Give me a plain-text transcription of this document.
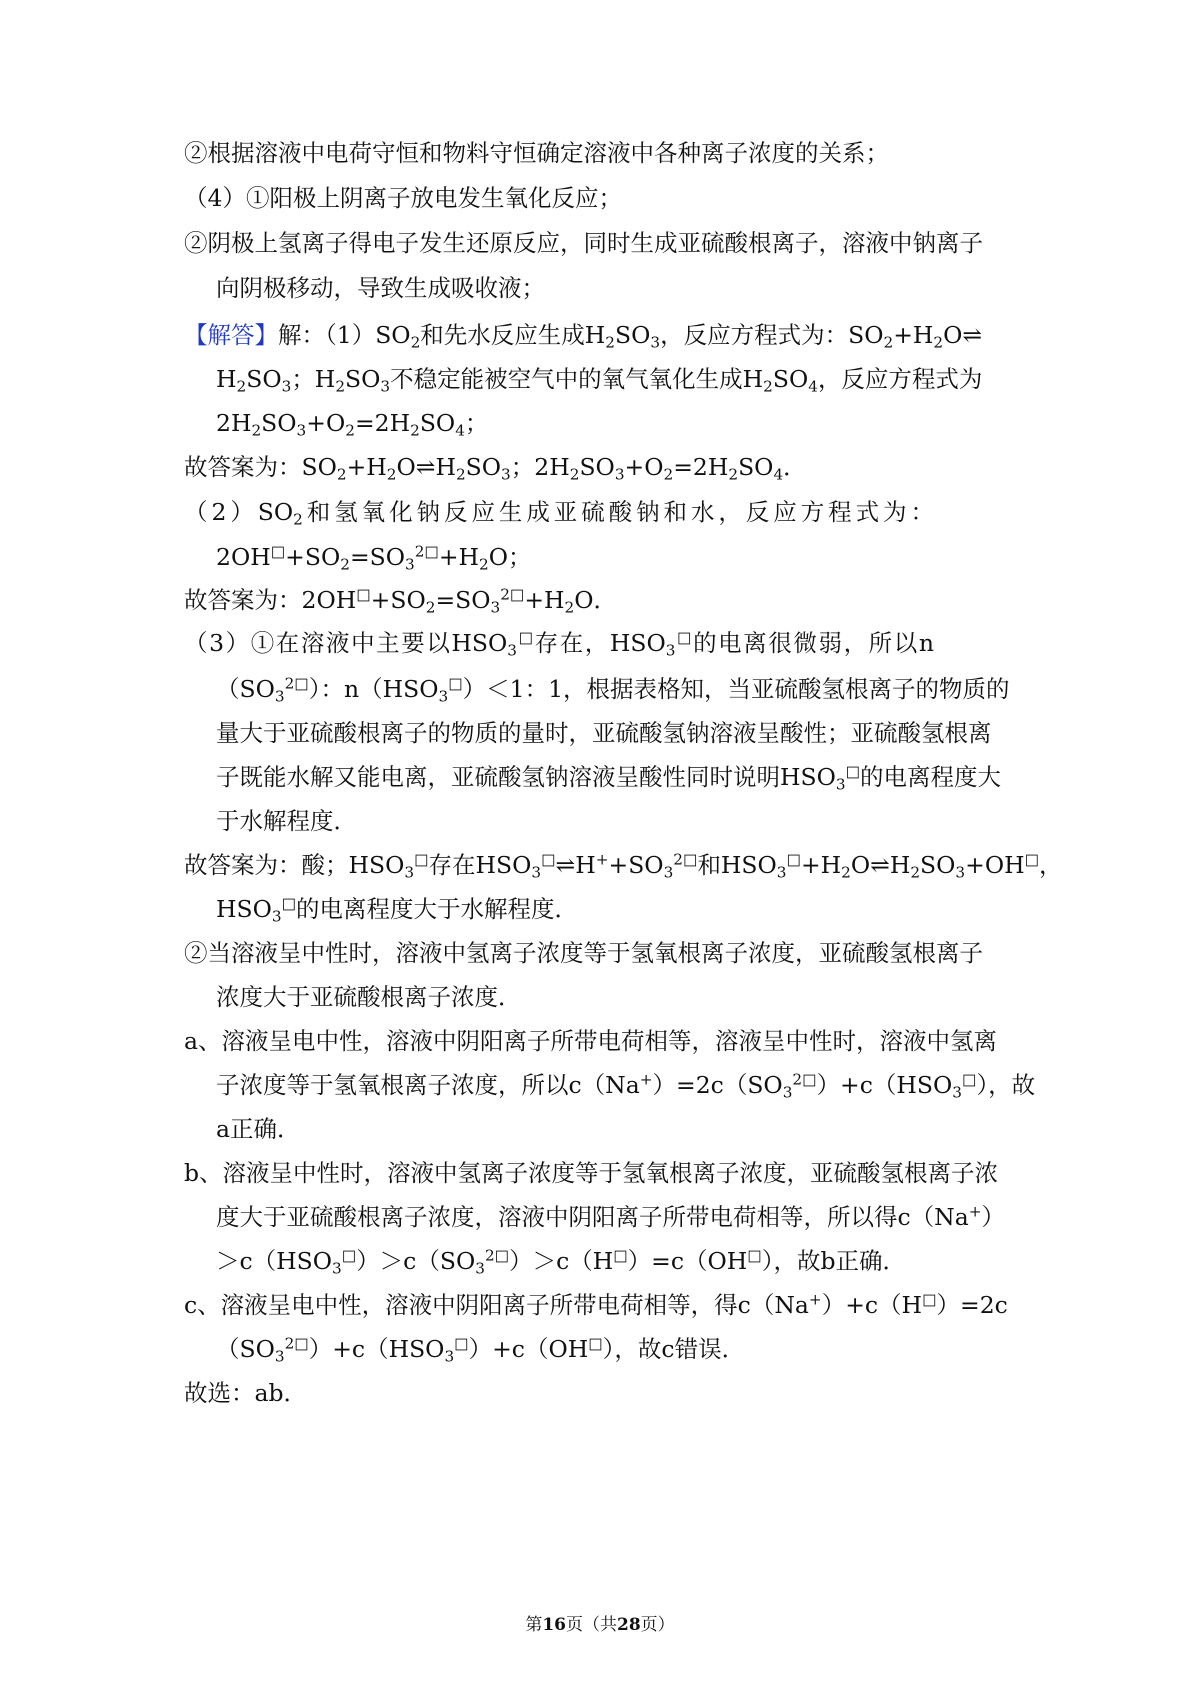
②根据溶液中电荷守恒和物料守恒确定溶液中各种离子浓度的关系；
（4）①阳极上阴离子放电发生氧化反应；
②阴极上氢离子得电子发生还原反应，同时生成亚硫酸根离子，溶液中钠离子
向阴极移动，导致生成吸收液；
【解答】解：$(1)SO_2$和先水反应生成$H_2SO_3$，反应方程式为：$SO_2+H_2O\rightleftharpoons$
$H_2SO_3$；$H_2SO_3$不稳定能被空气中的氧气氧化生成$H_2SO_4$，反应方程式为
$2H_2SO_3+O_2=2H_2SO_4$；
故答案为：$SO_2+H_2O\rightleftharpoons H_2SO_3$；$2H_2SO_3+O_2=2H_2SO_4$．
$(2)SO_2$和氢氧化钠反应生成亚硫酸钠和水，反应方程式为：
$2OH^□+SO_2=SO_3^{2□}+H_2O$；
故答案为：$2OH^□+SO_2=SO_3^{2□}+H_2O$．
（3）①在溶液中主要以$HSO_3^□$存在，$HSO_3^□$的电离很微弱，所以n
$(SO_3^{2□})$：$n(HSO_3^□)<1$：1，根据表格知，当亚硫酸氢根离子的物质的
量大于亚硫酸根离子的物质的量时，亚硫酸氢钠溶液呈酸性；亚硫酸氢根离
子既能水解又能电离，亚硫酸氢钠溶液呈酸性同时说明$HSO_3^□$的电离程度大
于水解程度．
故答案为：酸；$HSO_3^□$存在$HSO_3^□\rightleftharpoons H^++SO_3^{2□}$和$HSO_3^□+H_2O\rightleftharpoons H_2SO_3+OH^□$，
$HSO_3^□$的电离程度大于水解程度．
②当溶液呈中性时，溶液中氢离子浓度等于氢氧根离子浓度，亚硫酸氢根离子
浓度大于亚硫酸根离子浓度．
a、溶液呈电中性，溶液中阴阳离子所带电荷相等，溶液呈中性时，溶液中氢离
子浓度等于氢氧根离子浓度，所以$c(Na^+)=2c(SO_3^{2□})+c(HSO_3^□)$，故
a正确．
b、溶液呈中性时，溶液中氢离子浓度等于氢氧根离子浓度，亚硫酸氢根离子浓
度大于亚硫酸根离子浓度，溶液中阴阳离子所带电荷相等，所以得c（Na+）
$>c(HSO_3^□)>c(SO_3^{2□})>c(H^□)=c(OH^□)$，故b正确．
c、溶液呈电中性，溶液中阴阳离子所带电荷相等，得c（Na+）+c（H□）=2c
$(SO_3^{2□})+c(HSO_3^□)+c(OH^□)$，故c错误．
故选：ab．
第16页（共28页）
